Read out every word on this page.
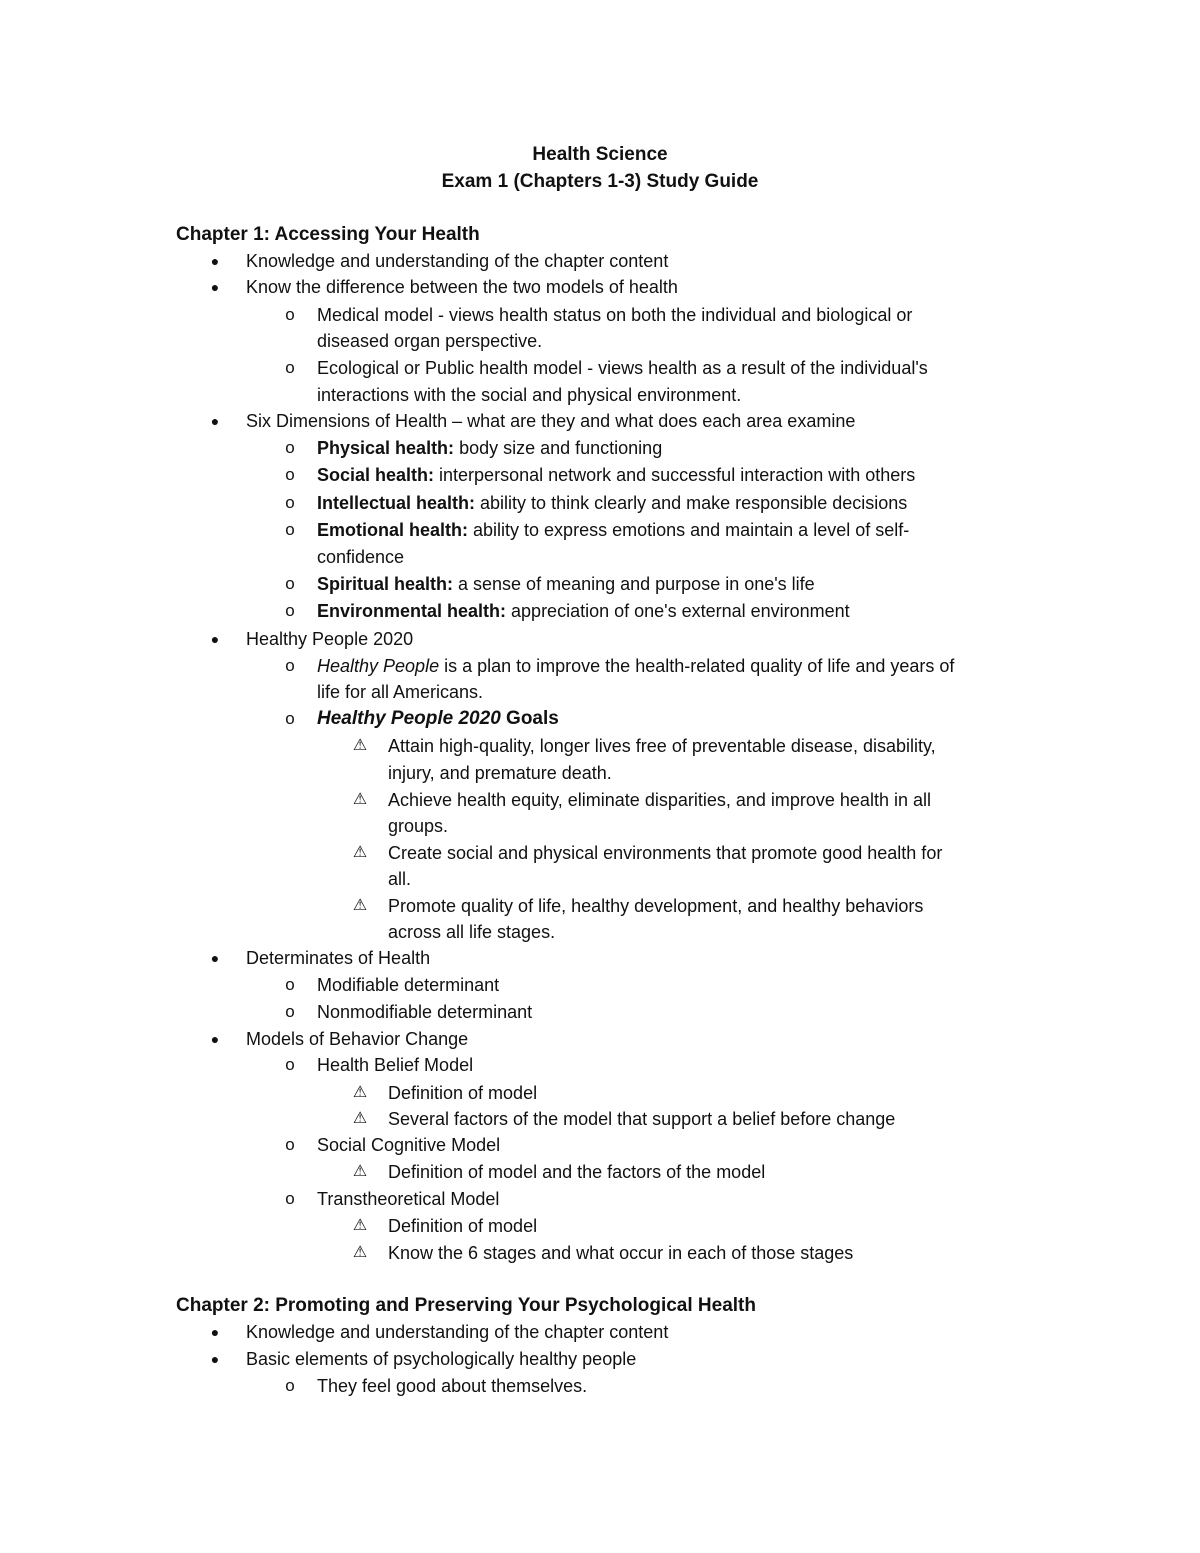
Health Science
Exam 1 (Chapters 1-3) Study Guide
Chapter 1: Accessing Your Health
●	Knowledge and understanding of the chapter content
●	Know the difference between the two models of health
o Medical model - views health status on both the individual and biological or
diseased organ perspective.
o Ecological or Public health model - views health as a result of the individual's
interactions with the social and physical environment.
●	Six Dimensions of Health – what are they and what does each area examine
o Physical health: body size and functioning
o Social health: interpersonal network and successful interaction with others
o Intellectual health: ability to think clearly and make responsible decisions
o Emotional health: ability to express emotions and maintain a level of self-
confidence
o Spiritual health: a sense of meaning and purpose in one's life
o Environmental health: appreciation of one's external environment
●	Healthy People 2020
o Healthy People is a plan to improve the health-related quality of life and years of
life for all Americans.
o Healthy People 2020 Goals
⚠ Attain high-quality, longer lives free of preventable disease, disability,
injury, and premature death.
⚠ Achieve health equity, eliminate disparities, and improve health in all
groups.
⚠ Create social and physical environments that promote good health for
all.
⚠ Promote quality of life, healthy development, and healthy behaviors
across all life stages.
●	Determinates of Health
o Modifiable determinant
o Nonmodifiable determinant
●	Models of Behavior Change
o Health Belief Model
⚠ Definition of model
⚠ Several factors of the model that support a belief before change
o Social Cognitive Model
⚠ Definition of model and the factors of the model
o Transtheoretical Model
⚠ Definition of model
⚠ Know the 6 stages and what occur in each of those stages
Chapter 2: Promoting and Preserving Your Psychological Health
●	Knowledge and understanding of the chapter content
●	Basic elements of psychologically healthy people
o They feel good about themselves.
